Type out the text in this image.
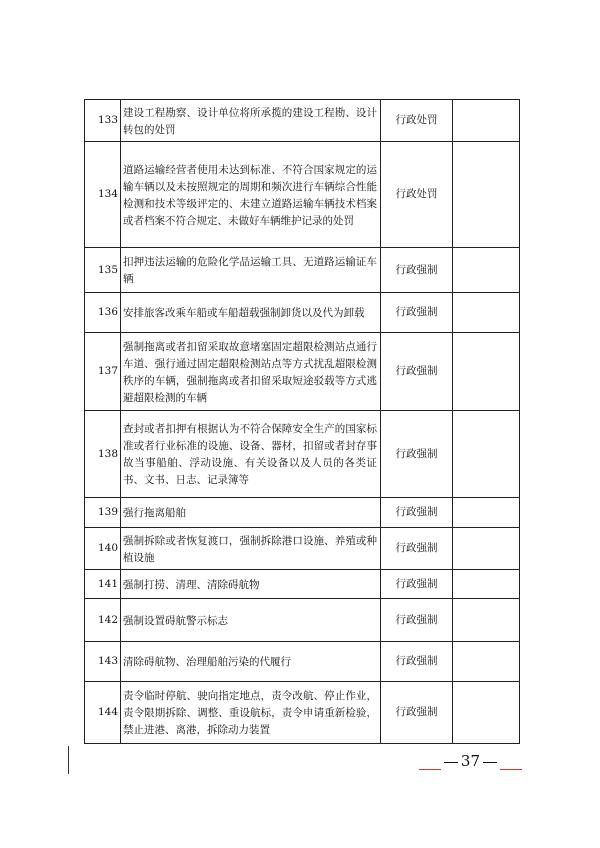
133	建设工程勘察、设计单位将所承揽的建设工程勘、设计转包的处罚	行政处罚	
134	道路运输经营者使用未达到标准、不符合国家规定的运输车辆以及未按照规定的周期和频次进行车辆综合性能检测和技术等级评定的、未建立道路运输车辆技术档案或者档案不符合规定、未做好车辆维护记录的处罚	行政处罚	
135	扣押违法运输的危险化学品运输工具、无道路运输证车辆	行政强制	
136	安排旅客改乘车船或车船超载强制卸货以及代为卸载	行政强制	
137	强制拖离或者扣留采取故意堵塞固定超限检测站点通行车道、强行通过固定超限检测站点等方式扰乱超限检测秩序的车辆，强制拖离或者扣留采取短途驳载等方式逃避超限检测的车辆	行政强制	
138	查封或者扣押有根据认为不符合保障安全生产的国家标准或者行业标准的设施、设备、器材，扣留或者封存事故当事船舶、浮动设施、有关设备以及人员的各类证书、文书、日志、记录簿等	行政强制	
139	强行拖离船舶	行政强制	
140	强制拆除或者恢复渡口，强制拆除港口设施、养殖或种植设施	行政强制	
141	强制打捞、清理、清除碍航物	行政强制	
142	强制设置碍航警示标志	行政强制	
143	清除碍航物、治理船舶污染的代履行	行政强制	
144	责令临时停航、驶向指定地点，责令改航、停止作业，责令限期拆除、调整、重设航标，责令申请重新检验，禁止进港、离港，拆除动力装置	行政强制	
37
